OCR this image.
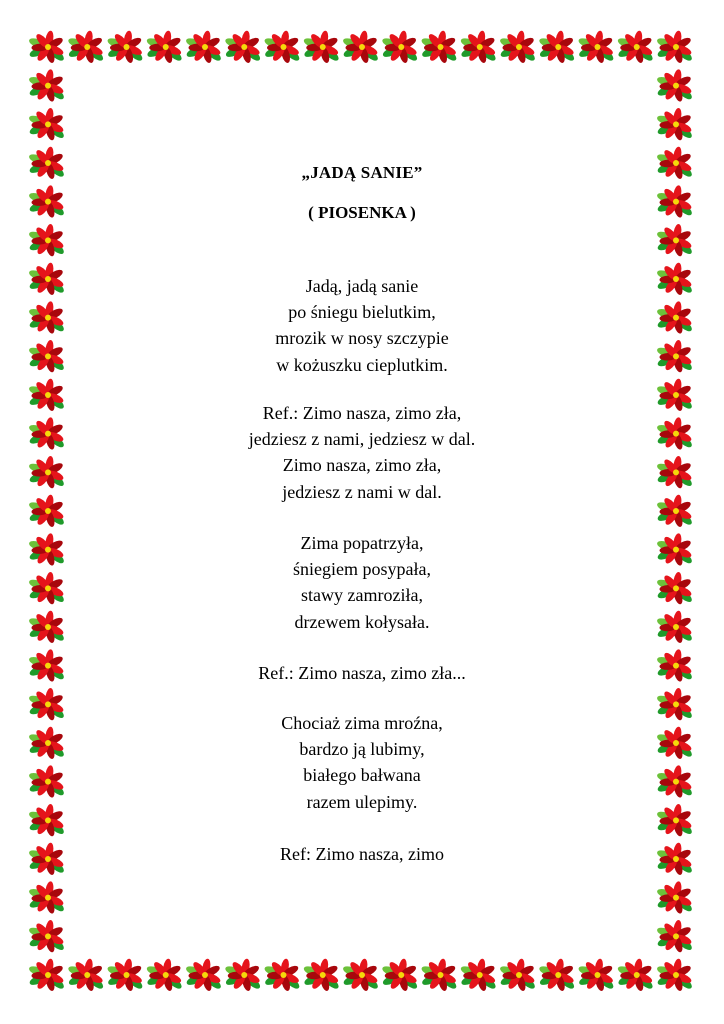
„JADĄ SANIE”
( PIOSENKA )
Jadą, jadą sanie
po śniegu bielutkim,
mrozik w nosy szczypie
w kożuszku cieplutkim.
Ref.: Zimo nasza, zimo zła,
jedziesz z nami, jedziesz w dal.
Zimo nasza, zimo zła,
jedziesz z nami w dal.
Zima popatrzyła,
śniegiem posypała,
stawy zamroziła,
drzewem kołysała.
Ref.: Zimo nasza, zimo zła...
Chociaż zima mroźna,
bardzo ją lubimy,
białego bałwana
razem ulepimy.
Ref: Zimo nasza, zimo
